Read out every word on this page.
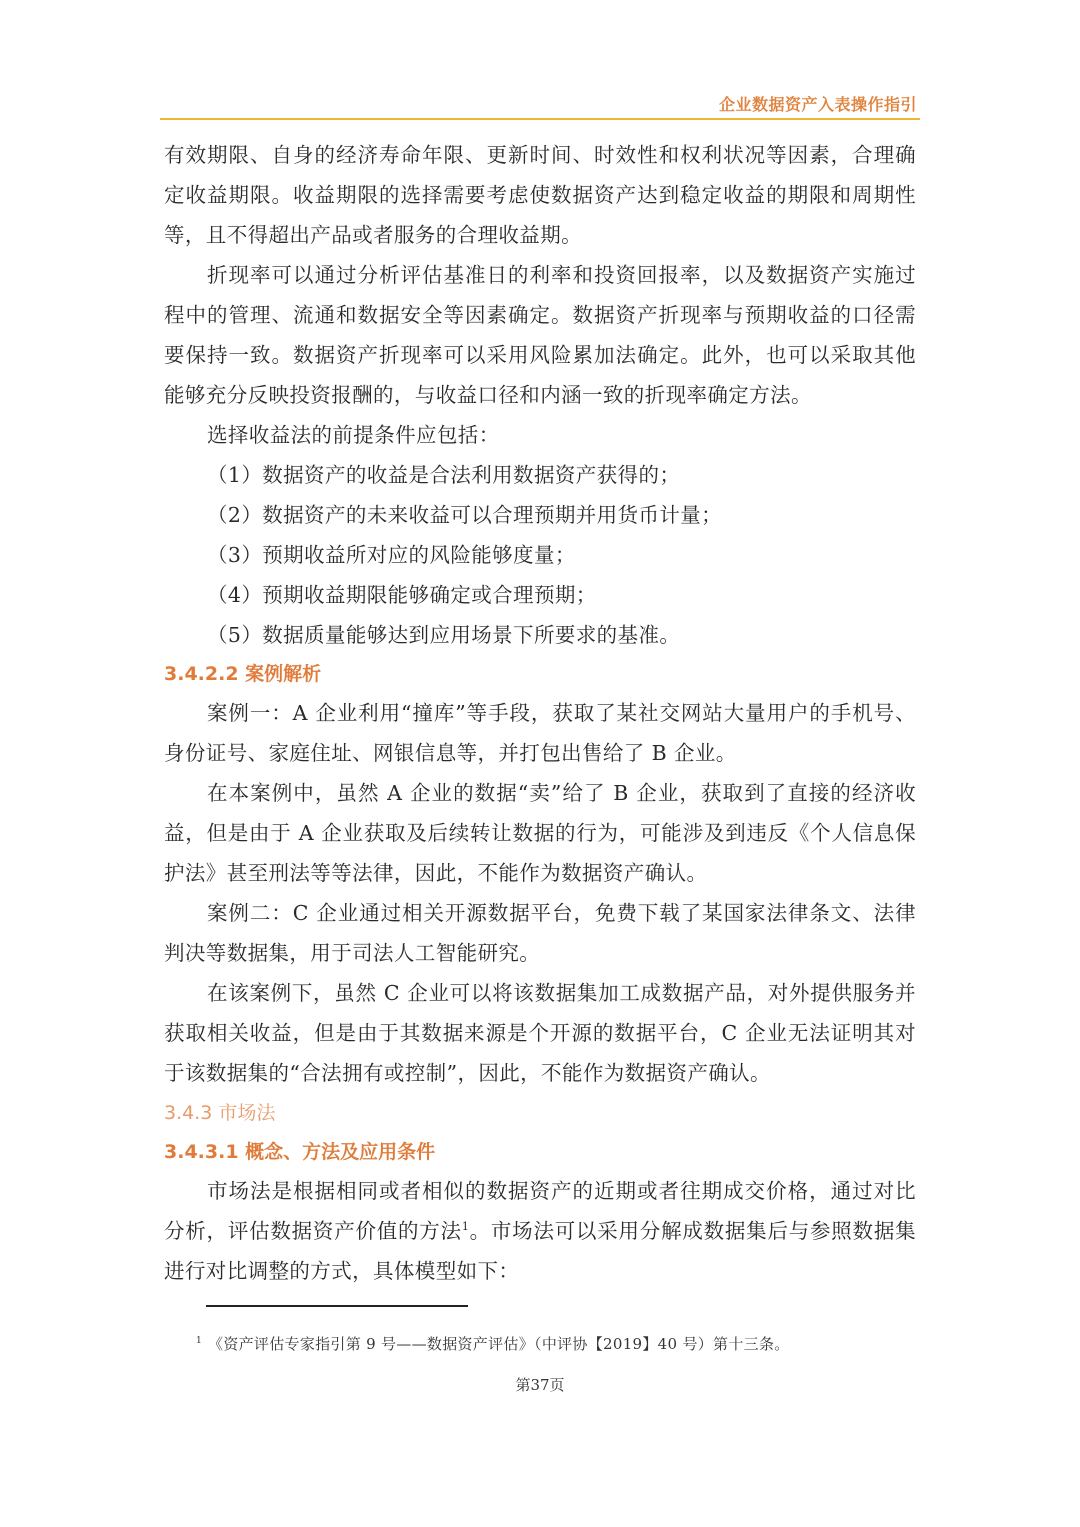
企业数据资产入表操作指引

有效期限、自身的经济寿命年限、更新时间、时效性和权利状况等因素，合理确定收益期限。收益期限的选择需要考虑使数据资产达到稳定收益的期限和周期性等，且不得超出产品或者服务的合理收益期。

折现率可以通过分析评估基准日的利率和投资回报率，以及数据资产实施过程中的管理、流通和数据安全等因素确定。数据资产折现率与预期收益的口径需要保持一致。数据资产折现率可以采用风险累加法确定。此外，也可以采取其他能够充分反映投资报酬的，与收益口径和内涵一致的折现率确定方法。

选择收益法的前提条件应包括：

（1）数据资产的收益是合法利用数据资产获得的；

（2）数据资产的未来收益可以合理预期并用货币计量；

（3）预期收益所对应的风险能够度量；

（4）预期收益期限能够确定或合理预期；

（5）数据质量能够达到应用场景下所要求的基准。

3.4.2.2 案例解析

案例一：A 企业利用“撞库”等手段，获取了某社交网站大量用户的手机号、身份证号、家庭住址、网银信息等，并打包出售给了 B 企业。

在本案例中，虽然 A 企业的数据“卖”给了 B 企业，获取到了直接的经济收益，但是由于 A 企业获取及后续转让数据的行为，可能涉及到违反《个人信息保护法》甚至刑法等等法律，因此，不能作为数据资产确认。

案例二：C 企业通过相关开源数据平台，免费下载了某国家法律条文、法律判决等数据集，用于司法人工智能研究。

在该案例下，虽然 C 企业可以将该数据集加工成数据产品，对外提供服务并获取相关收益，但是由于其数据来源是个开源的数据平台，C 企业无法证明其对于该数据集的“合法拥有或控制”，因此，不能作为数据资产确认。

3.4.3 市场法
3.4.3.1 概念、方法及应用条件

市场法是根据相同或者相似的数据资产的近期或者往期成交价格，通过对比分析，评估数据资产价值的方法$^1$。市场法可以采用分解成数据集后与参照数据集进行对比调整的方式，具体模型如下：

$^1$ 《资产评估专家指引第 9 号——数据资产评估》（中评协【2019】40 号）第十三条。
第37页
